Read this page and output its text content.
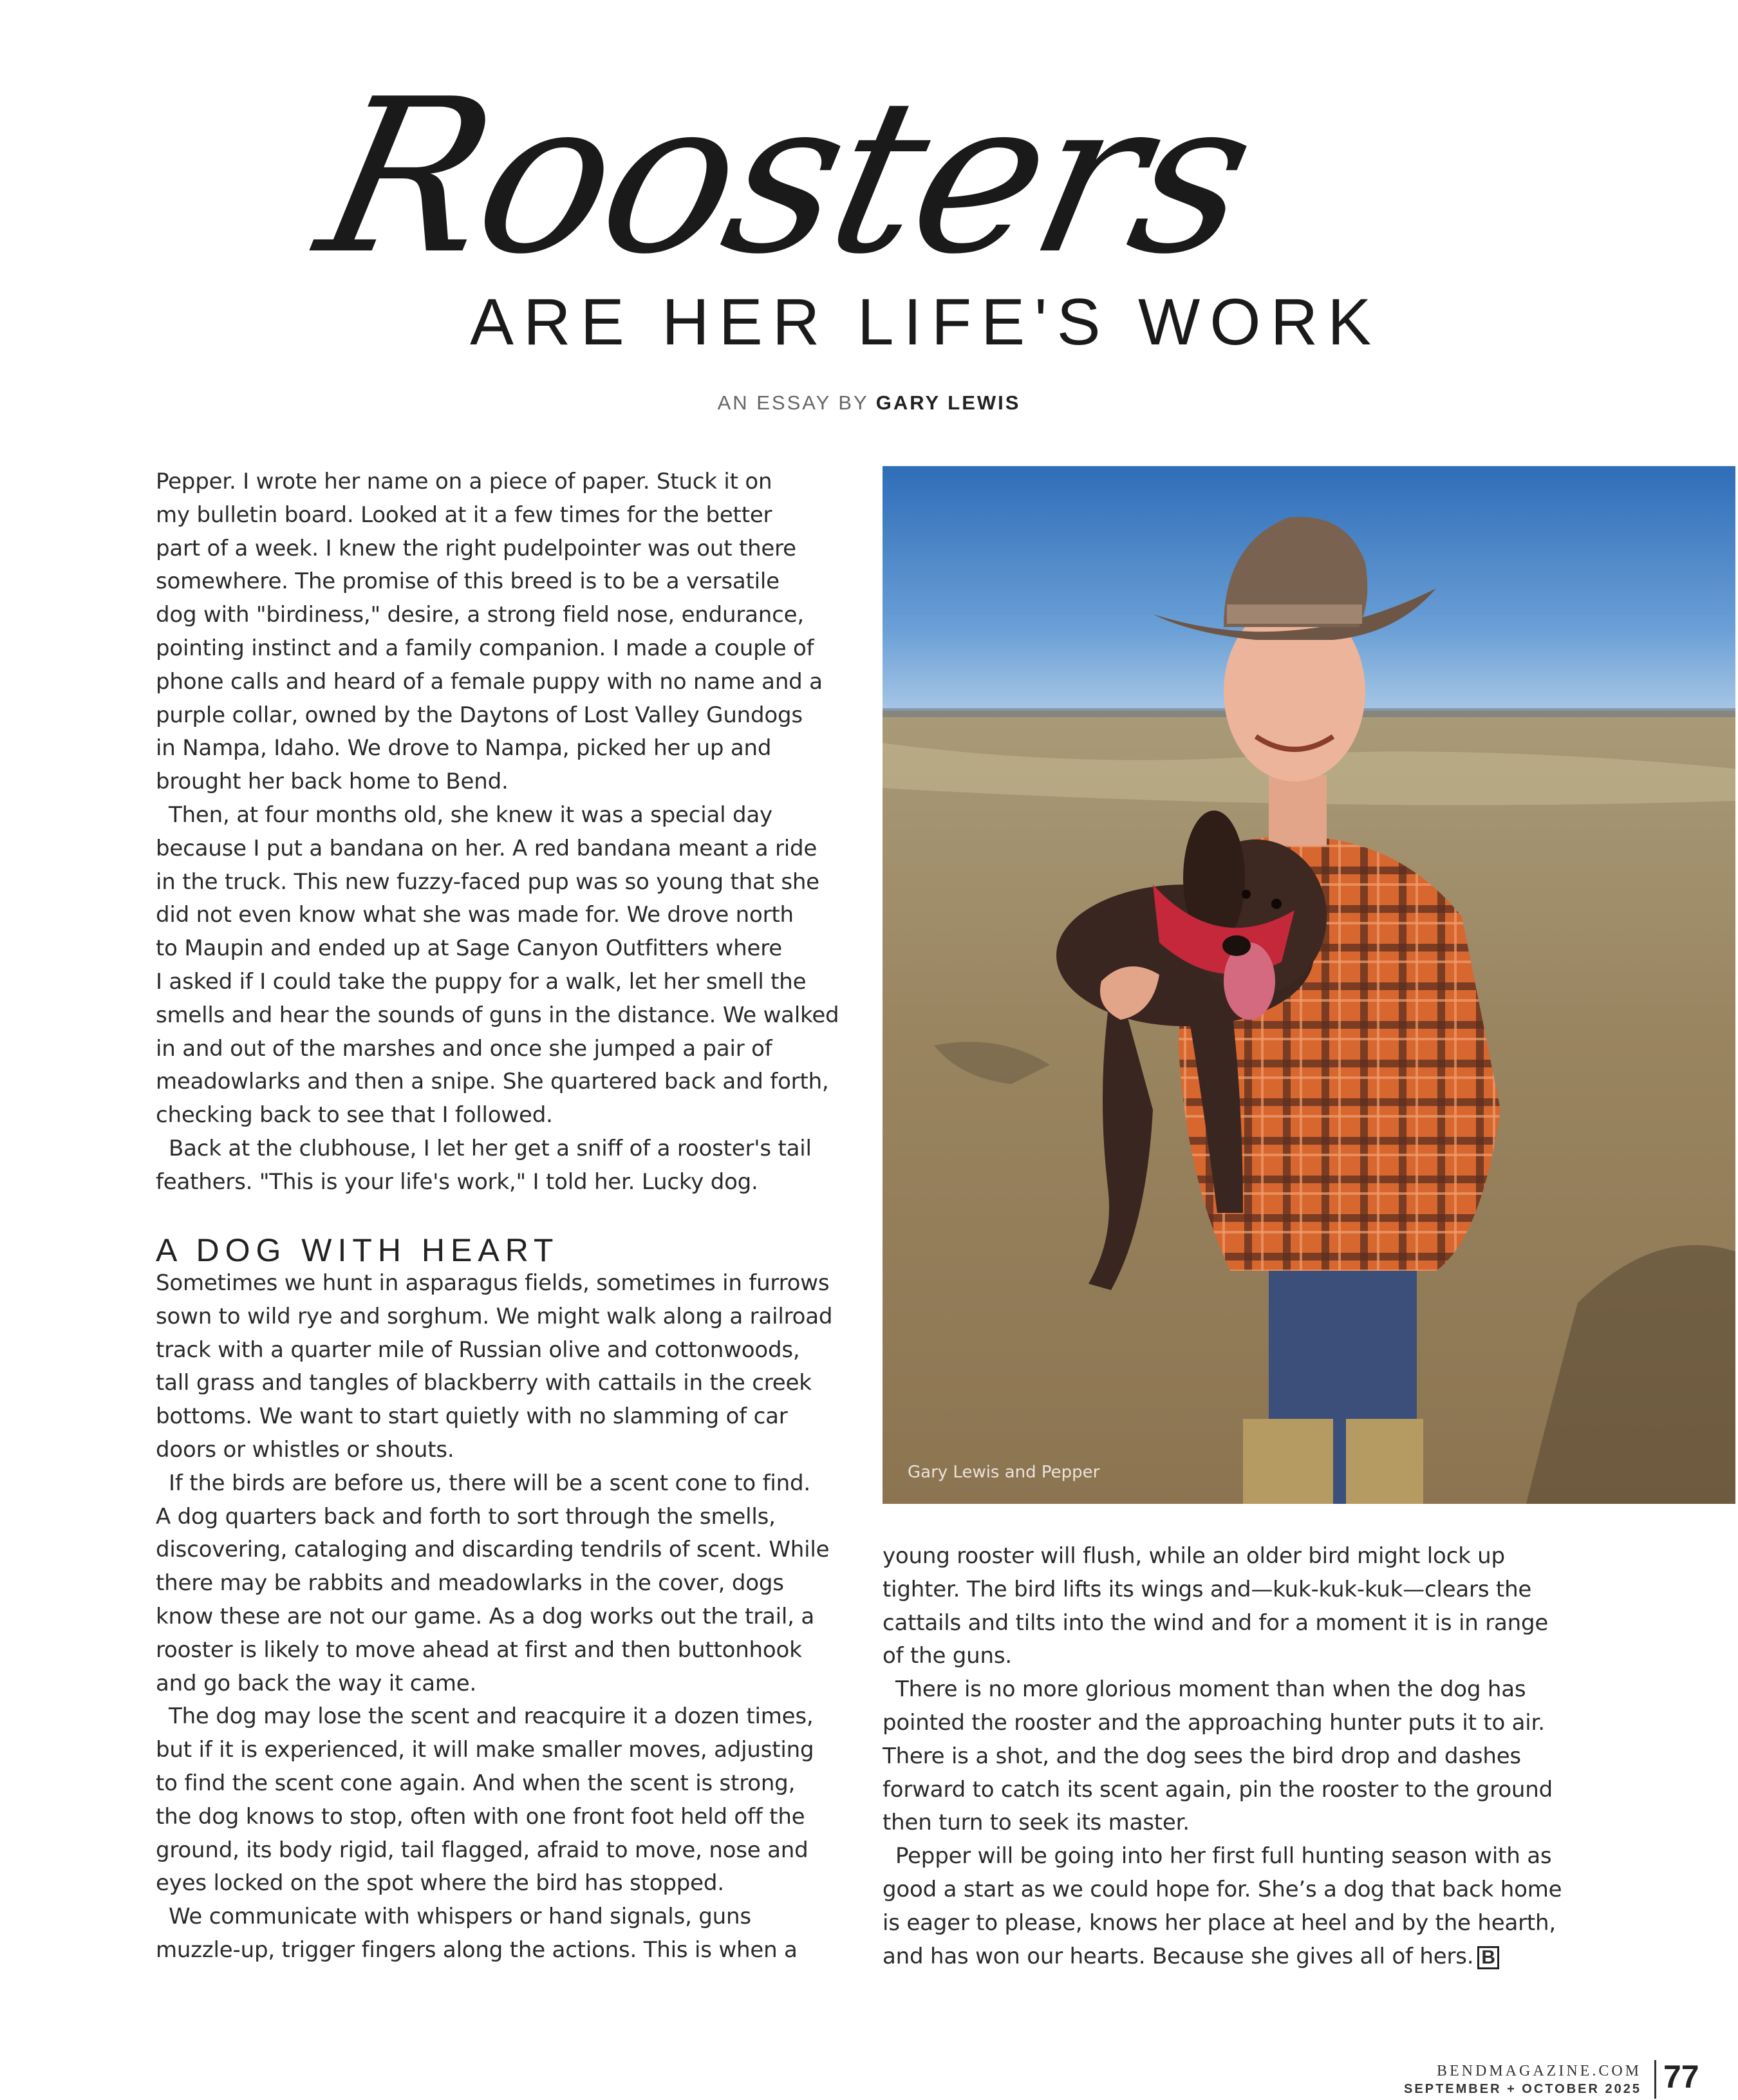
Roosters
ARE HER LIFE'S WORK
AN ESSAY BY GARY LEWIS

Pepper. I wrote her name on a piece of paper. Stuck it on

my bulletin board. Looked at it a few times for the better

part of a week. I knew the right pudelpointer was out there

somewhere. The promise of this breed is to be a versatile

dog with "birdiness," desire, a strong field nose, endurance,

pointing instinct and a family companion. I made a couple of

phone calls and heard of a female puppy with no name and a

purple collar, owned by the Daytons of Lost Valley Gundogs

in Nampa, Idaho. We drove to Nampa, picked her up and

brought her back home to Bend.

Then, at four months old, she knew it was a special day

because I put a bandana on her. A red bandana meant a ride

in the truck. This new fuzzy-faced pup was so young that she

did not even know what she was made for. We drove north

to Maupin and ended up at Sage Canyon Outfitters where

I asked if I could take the puppy for a walk, let her smell the

smells and hear the sounds of guns in the distance. We walked

in and out of the marshes and once she jumped a pair of

meadowlarks and then a snipe. She quartered back and forth,

checking back to see that I followed.

Back at the clubhouse, I let her get a sniff of a rooster's tail

feathers. "This is your life's work," I told her. Lucky dog.

A DOG WITH HEART

Sometimes we hunt in asparagus fields, sometimes in furrows

sown to wild rye and sorghum. We might walk along a railroad

track with a quarter mile of Russian olive and cottonwoods,

tall grass and tangles of blackberry with cattails in the creek

bottoms. We want to start quietly with no slamming of car

doors or whistles or shouts.

If the birds are before us, there will be a scent cone to find.

A dog quarters back and forth to sort through the smells,

discovering, cataloging and discarding tendrils of scent. While

there may be rabbits and meadowlarks in the cover, dogs

know these are not our game. As a dog works out the trail, a

rooster is likely to move ahead at first and then buttonhook

and go back the way it came.

The dog may lose the scent and reacquire it a dozen times,

but if it is experienced, it will make smaller moves, adjusting

to find the scent cone again. And when the scent is strong,

the dog knows to stop, often with one front foot held off the

ground, its body rigid, tail flagged, afraid to move, nose and

eyes locked on the spot where the bird has stopped.

We communicate with whispers or hand signals, guns

muzzle-up, trigger fingers along the actions. This is when a

Gary Lewis and Pepper

young rooster will flush, while an older bird might lock up

tighter. The bird lifts its wings and—kuk-kuk-kuk—clears the

cattails and tilts into the wind and for a moment it is in range

of the guns.

There is no more glorious moment than when the dog has

pointed the rooster and the approaching hunter puts it to air.

There is a shot, and the dog sees the bird drop and dashes

forward to catch its scent again, pin the rooster to the ground

then turn to seek its master.

Pepper will be going into her first full hunting season with as

good a start as we could hope for. She’s a dog that back home

is eager to please, knows her place at heel and by the hearth,

and has won our hearts. Because she gives all of hers. B

BENDMAGAZINE.COM
SEPTEMBER + OCTOBER 2025 77
